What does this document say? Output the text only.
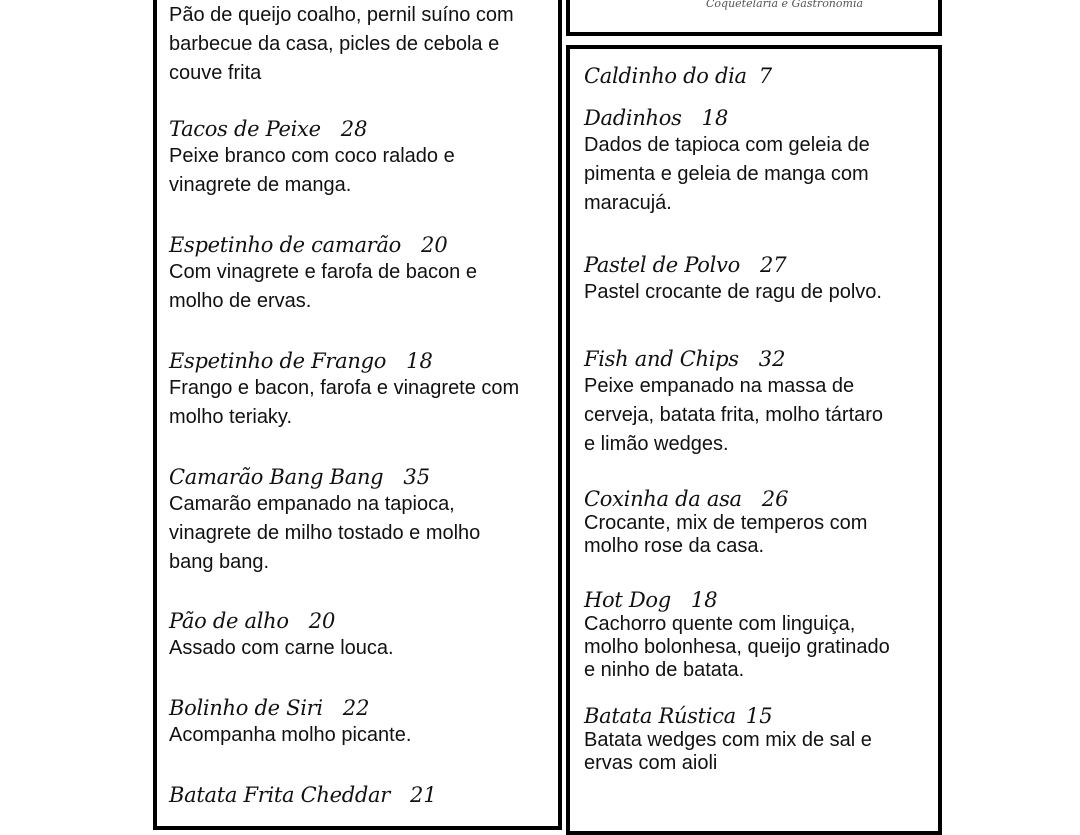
Pão de queijo coalho, pernil suíno com
barbecue da casa, picles de cebola e
couve frita
Tacos de Peixe 28
Peixe branco com coco ralado e
vinagrete de manga.
Espetinho de camarão 20
Com vinagrete e farofa de bacon e
molho de ervas.
Espetinho de Frango 18
Frango e bacon, farofa e vinagrete com
molho teriaky.
Camarão Bang Bang 35
Camarão empanado na tapioca,
vinagrete de milho tostado e molho
bang bang.
Pão de alho 20
Assado com carne louca.
Bolinho de Siri 22
Acompanha molho picante.
Batata Frita Cheddar 21
Coquetelaria e Gastronomia
Caldinho do dia 7
Dadinhos 18
Dados de tapioca com geleia de
pimenta e geleia de manga com
maracujá.
Pastel de Polvo 27
Pastel crocante de ragu de polvo.
Fish and Chips 32
Peixe empanado na massa de
cerveja, batata frita, molho tártaro
e limão wedges.
Coxinha da asa 26
Crocante, mix de temperos com
molho rose da casa.
Hot Dog 18
Cachorro quente com linguiça,
molho bolonhesa, queijo gratinado
e ninho de batata.
Batata Rústica 15
Batata wedges com mix de sal e
ervas com aioli
